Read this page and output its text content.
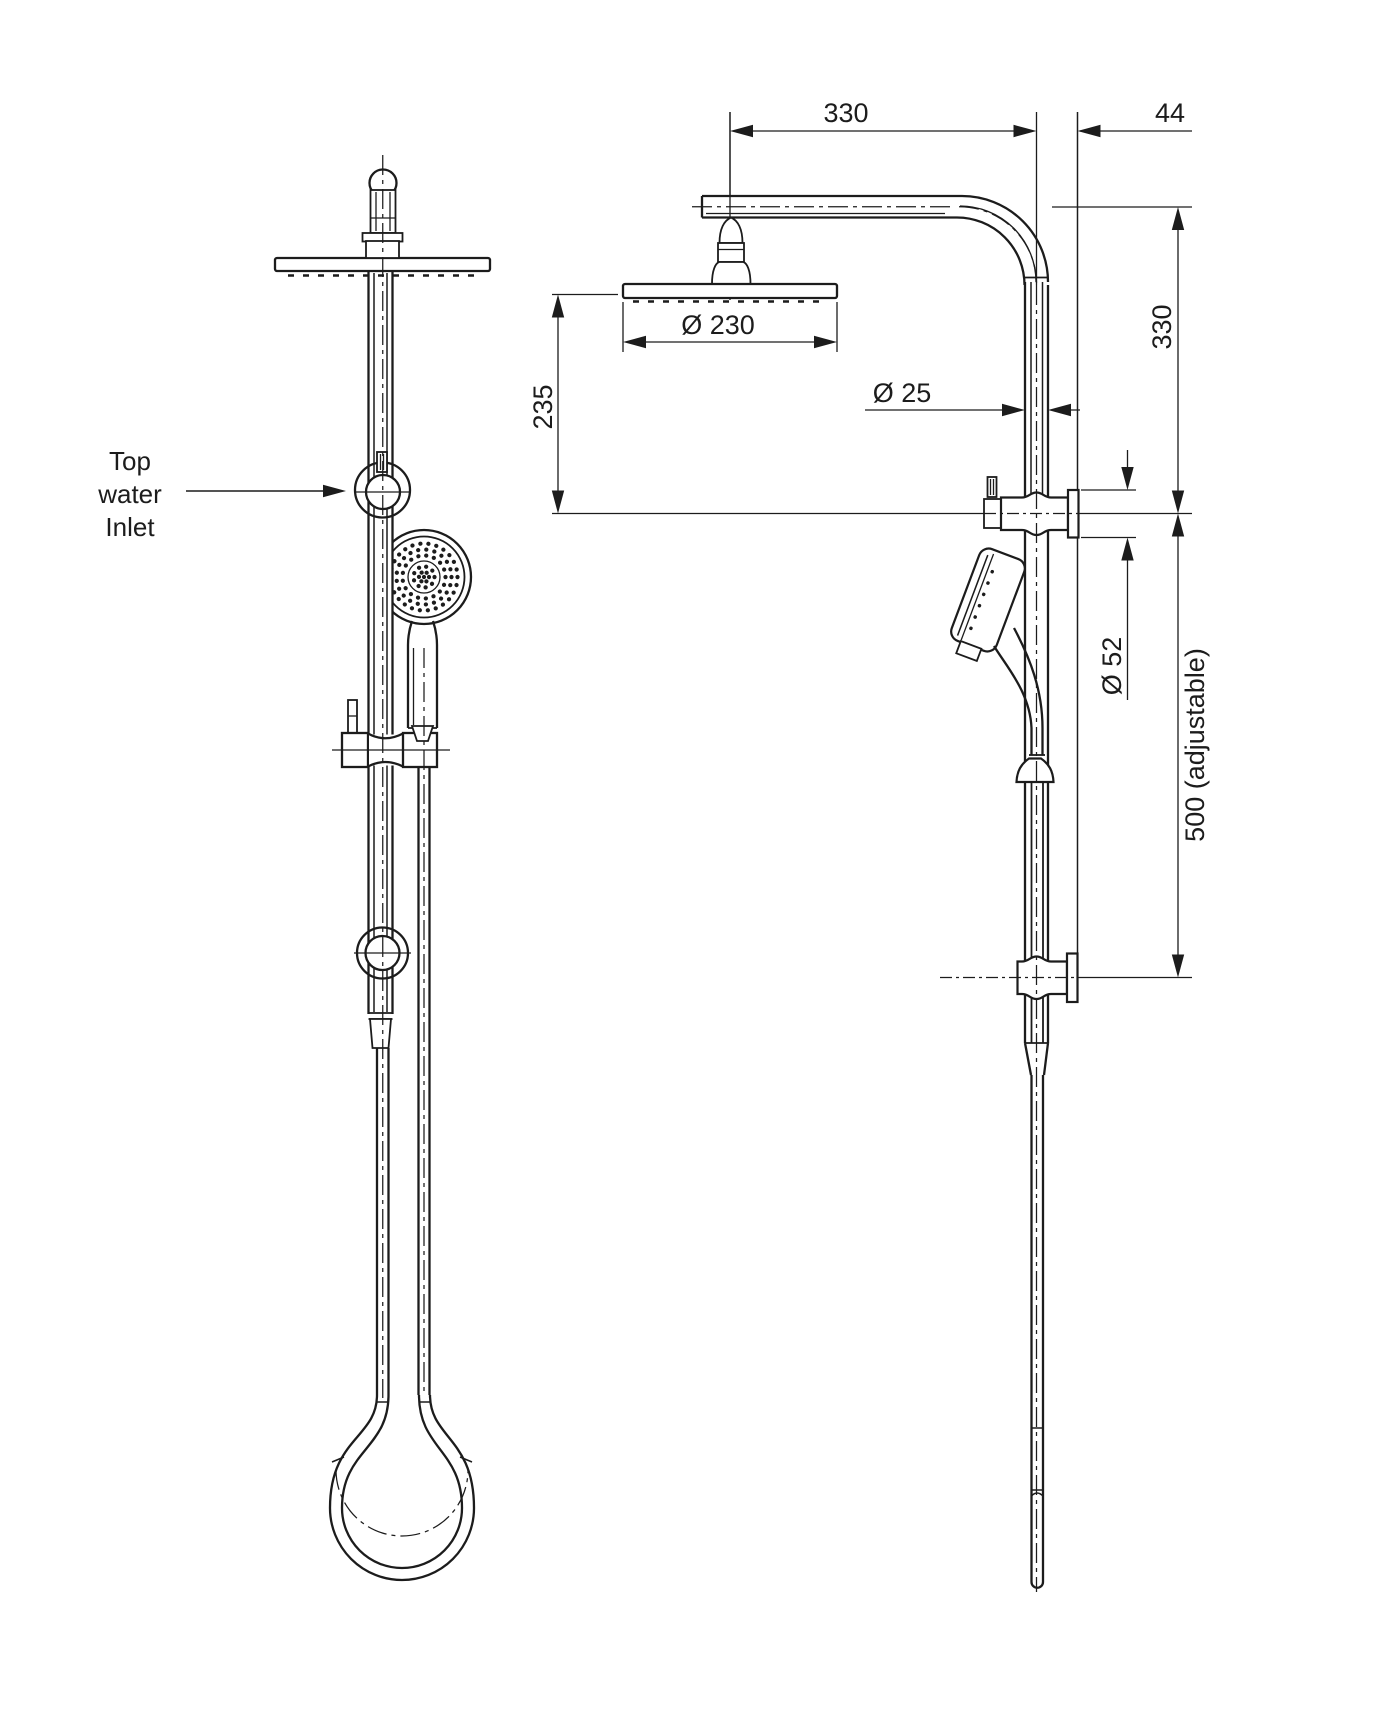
Top
water
Inlet
330	44
Ø 230
235	Ø 25
330
500 (adjustable)
Ø 52
